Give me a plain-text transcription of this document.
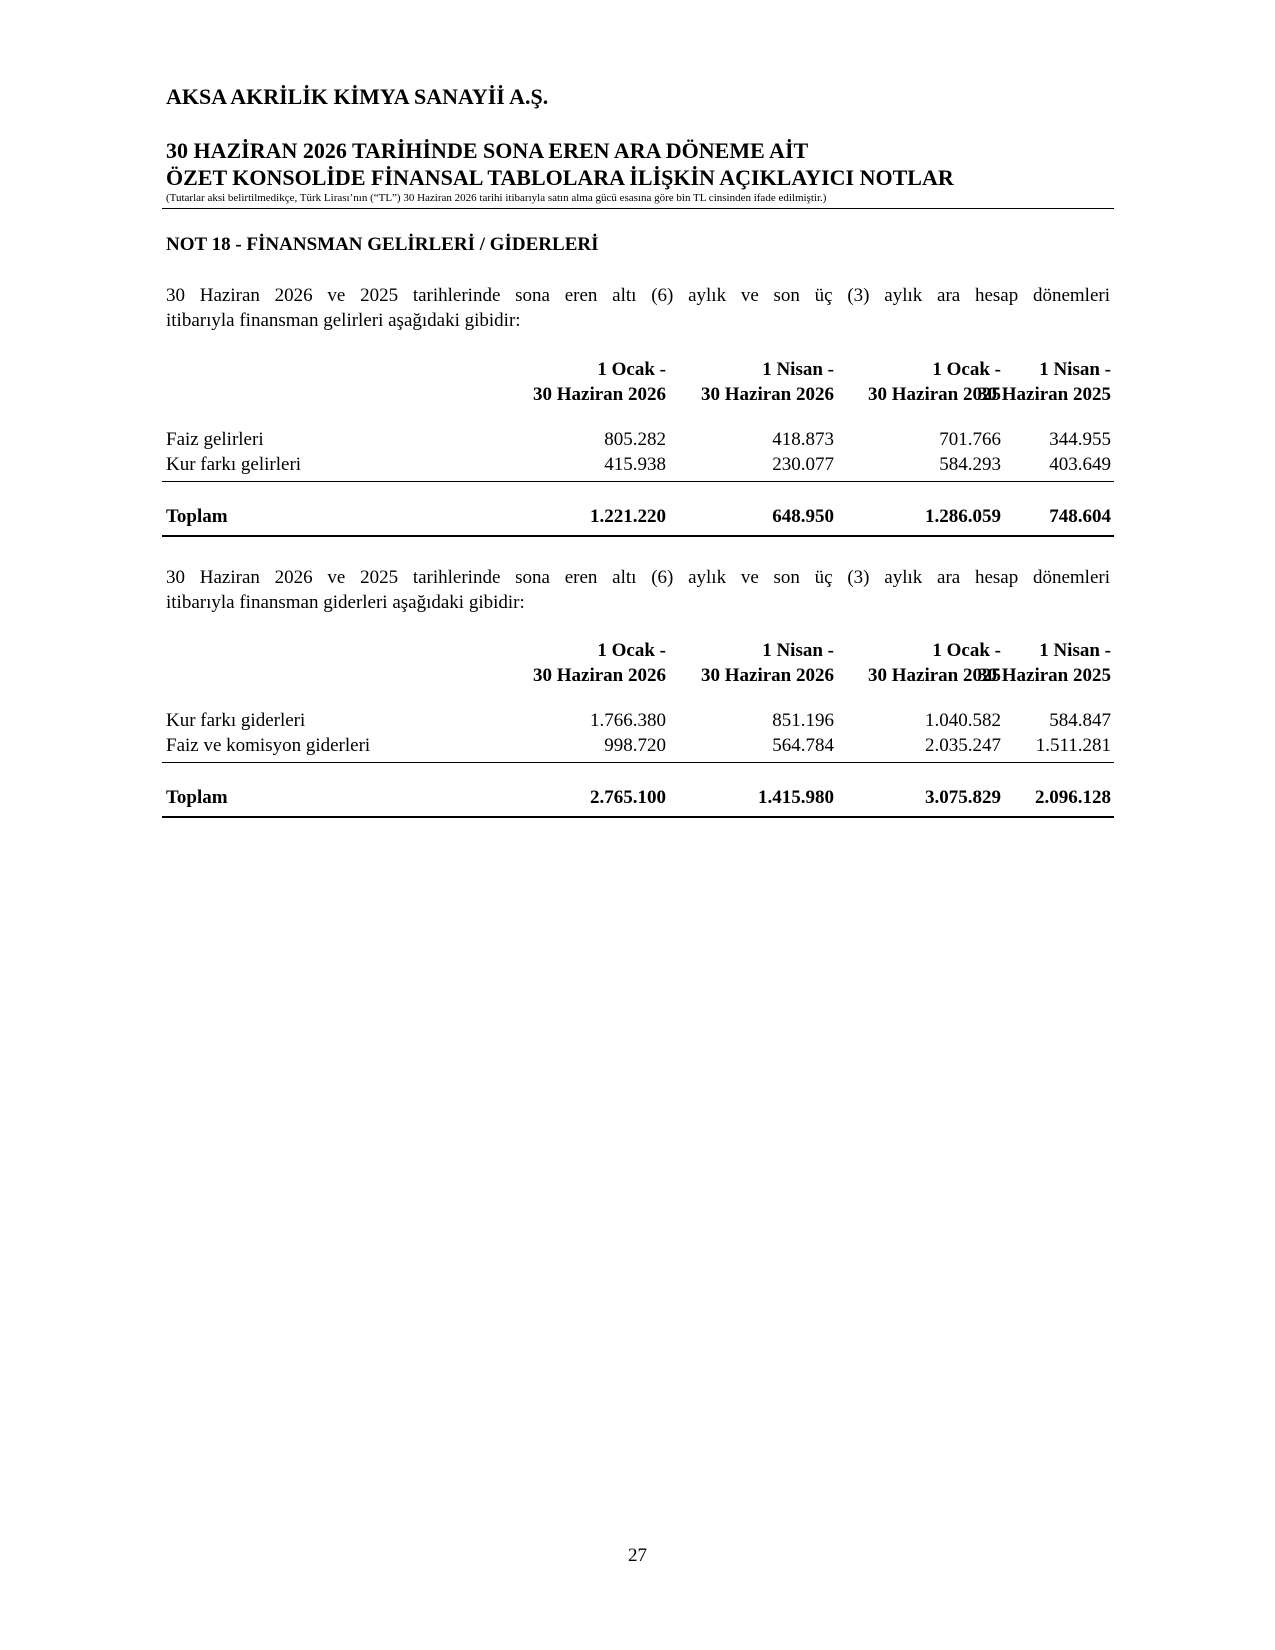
AKSA AKRİLİK KİMYA SANAYİİ A.Ş.
30 HAZİRAN 2026 TARİHİNDE SONA EREN ARA DÖNEME AİT
ÖZET KONSOLİDE FİNANSAL TABLOLARA İLİŞKİN AÇIKLAYICI NOTLAR
(Tutarlar aksi belirtilmedikçe, Türk Lirası’nın (“TL”) 30 Haziran 2026 tarihi itibarıyla satın alma gücü esasına göre bin TL cinsinden ifade edilmiştir.)
NOT 18 - FİNANSMAN GELİRLERİ / GİDERLERİ
30 Haziran 2026 ve 2025 tarihlerinde sona eren altı (6) aylık ve son üç (3) aylık ara hesap dönemleri
itibarıyla finansman gelirleri aşağıdaki gibidir:
1 Ocak -
30 Haziran 2026
1 Nisan -
30 Haziran 2026
1 Ocak -
30 Haziran 2025
1 Nisan -
30 Haziran 2025
Faiz gelirleri	805.282	418.873	701.766	344.955
Kur farkı gelirleri	415.938	230.077	584.293	403.649
Toplam	1.221.220	648.950	1.286.059	748.604
30 Haziran 2026 ve 2025 tarihlerinde sona eren altı (6) aylık ve son üç (3) aylık ara hesap dönemleri
itibarıyla finansman giderleri aşağıdaki gibidir:
1 Ocak -
30 Haziran 2026
1 Nisan -
30 Haziran 2026
1 Ocak -
30 Haziran 2025
1 Nisan -
30 Haziran 2025
Kur farkı giderleri	1.766.380	851.196	1.040.582	584.847
Faiz ve komisyon giderleri	998.720	564.784	2.035.247	1.511.281
Toplam	2.765.100	1.415.980	3.075.829	2.096.128
27
